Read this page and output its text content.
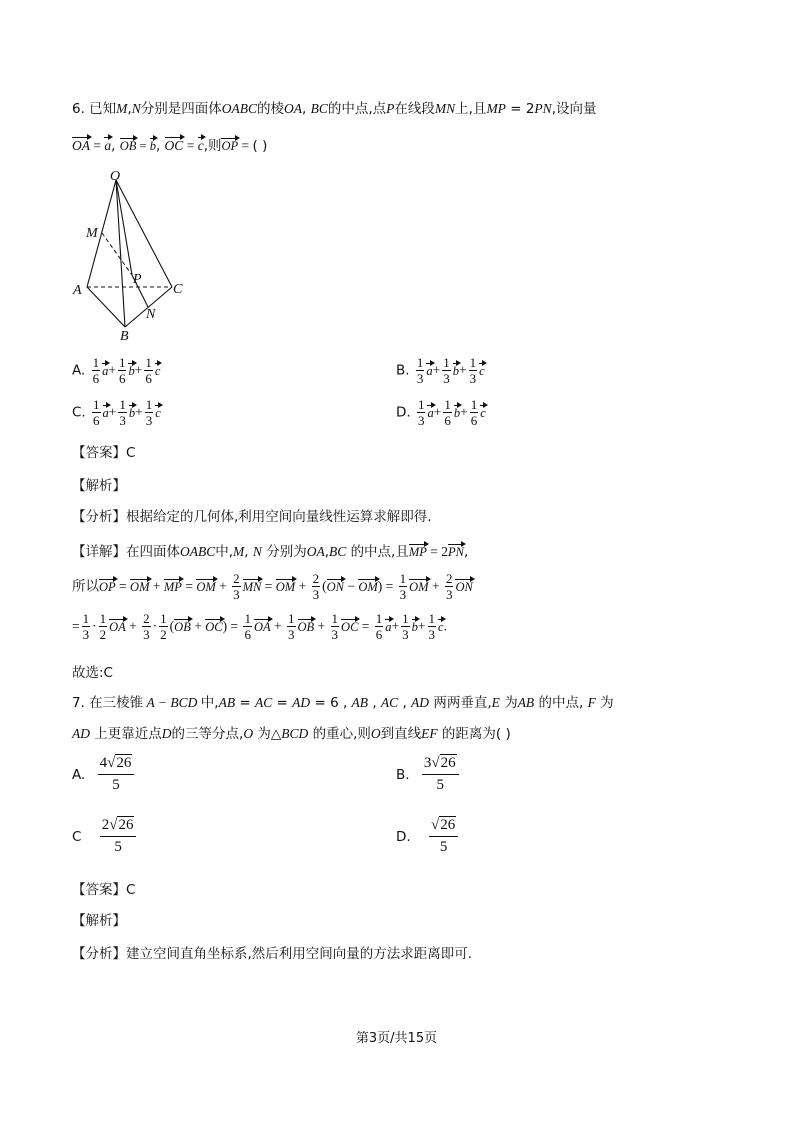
6. 已知M,N分别是四面体OABC的棱OA, BC的中点,点P在线段MN上,且MP = 2PN,设向量
OA = a, OB = b, OC = c,则OP = ( )
O
M
A
P
C
N
B
A. $\frac{1}{6} a+ \frac{1}{6} b+ \frac{1}{6}$ c	B. $\frac{1}{3} a+ \frac{1}{3} b+ \frac{1}{3}$ c
C. $\frac{1}{6} a+ \frac{1}{3} b+ \frac{1}{3}$ c	D. $\frac{1}{3} a+ \frac{1}{6} b+ \frac{1}{6}$ c
【答案】C
【解析】
【分析】根据给定的几何体,利用空间向量线性运算求解即得.
【详解】在四面体OABC中,M, N 分别为OA,BC 的中点,且MP = 2PN,
所以OP = OM + MP = OM + $\frac{2}{3}$ MN = OM + $\frac{2}{3} (ON - OM) = \frac{1}{3}$ OM + $\frac{2}{3}$ ON
= $\frac{1}{3} \cdot \frac{1}{2}$ OA + $\frac{2}{3} \cdot \frac{1}{2} (OB + OC) = \frac{1}{6}$ OA + $\frac{1}{3}$ OB + $\frac{1}{3}$ OC = $\frac{1}{6} a+ \frac{1}{3} b+ \frac{1}{3} c$.
故选:C
7. 在三棱锥 A − BCD 中,AB = AC = AD = 6 , AB , AC , AD 两两垂直,E 为AB 的中点, F 为
AD 上更靠近点D的三等分点,O 为△BCD 的重心,则O到直线EF 的距离为( )
A. $\frac{4√26}{5}$	B. $\frac{3√26}{5}$
C $\frac{2√26}{5}$	D. $\frac{√26}{5}$
【答案】C
【解析】
【分析】建立空间直角坐标系,然后利用空间向量的方法求距离即可.
第3页/共15页
